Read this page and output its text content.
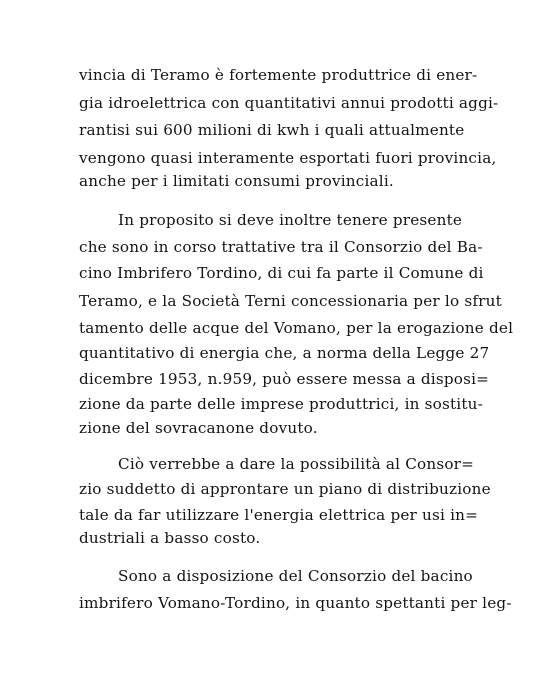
vincia di Teramo è fortemente produttrice di ener-
gia idroelettrica con quantitativi annui prodotti aggi-
rantisi sui 600 milioni di kwh i quali attualmente
vengono quasi interamente esportati fuori provincia,
anche per i limitati consumi provinciali.
In proposito si deve inoltre tenere presente
che sono in corso trattative tra il Consorzio del Ba-
cino Imbrifero Tordino, di cui fa parte il Comune di
Teramo, e la Società Terni concessionaria per lo sfrut
tamento delle acque del Vomano, per la erogazione del
quantitativo di energia che, a norma della Legge 27
dicembre 1953, n.959, può essere messa a disposi=
zione da parte delle imprese produttrici, in sostitu-
zione del sovracanone dovuto.
Ciò verrebbe a dare la possibilità al Consor=
zio suddetto di approntare un piano di distribuzione
tale da far utilizzare l'energia elettrica per usi in=
dustriali a basso costo.
Sono a disposizione del Consorzio del bacino
imbrifero Vomano-Tordino, in quanto spettanti per leg-
